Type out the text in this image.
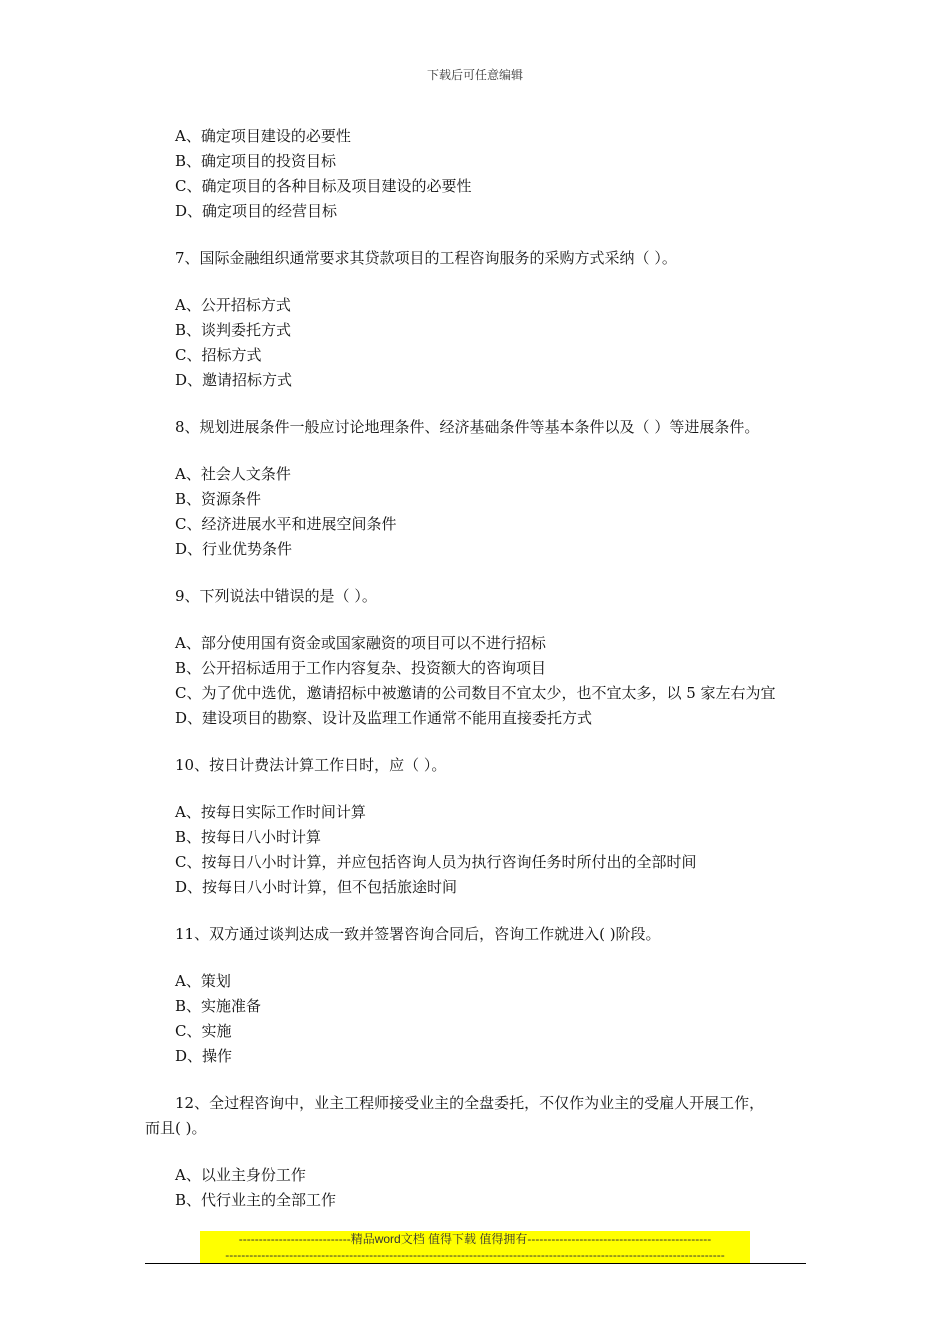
下载后可任意编辑
A、确定项目建设的必要性
B、确定项目的投资目标
C、确定项目的各种目标及项目建设的必要性
D、确定项目的经营目标
7、国际金融组织通常要求其贷款项目的工程咨询服务的采购方式采纳（ ）。
A、公开招标方式
B、谈判委托方式
C、招标方式
D、邀请招标方式
8、规划进展条件一般应讨论地理条件、经济基础条件等基本条件以及（ ）等进展条件。
A、社会人文条件
B、资源条件
C、经济进展水平和进展空间条件
D、行业优势条件
9、下列说法中错误的是（ ）。
A、部分使用国有资金或国家融资的项目可以不进行招标
B、公开招标适用于工作内容复杂、投资额大的咨询项目
C、为了优中选优，邀请招标中被邀请的公司数目不宜太少，也不宜太多，以 5 家左右为宜
D、建设项目的勘察、设计及监理工作通常不能用直接委托方式
10、按日计费法计算工作日时，应（ ）。
A、按每日实际工作时间计算
B、按每日八小时计算
C、按每日八小时计算，并应包括咨询人员为执行咨询任务时所付出的全部时间
D、按每日八小时计算，但不包括旅途时间
11、双方通过谈判达成一致并签署咨询合同后，咨询工作就进入( )阶段。
A、策划
B、实施准备
C、实施
D、操作
12、全过程咨询中，业主工程师接受业主的全盘委托，不仅作为业主的受雇人开展工作，
而且( )。
A、以业主身份工作
B、代行业主的全部工作
----------------------------精品word文档 值得下载 值得拥有----------------------------------------------
-----------------------------------------------------------------------------------------------------------------------------
